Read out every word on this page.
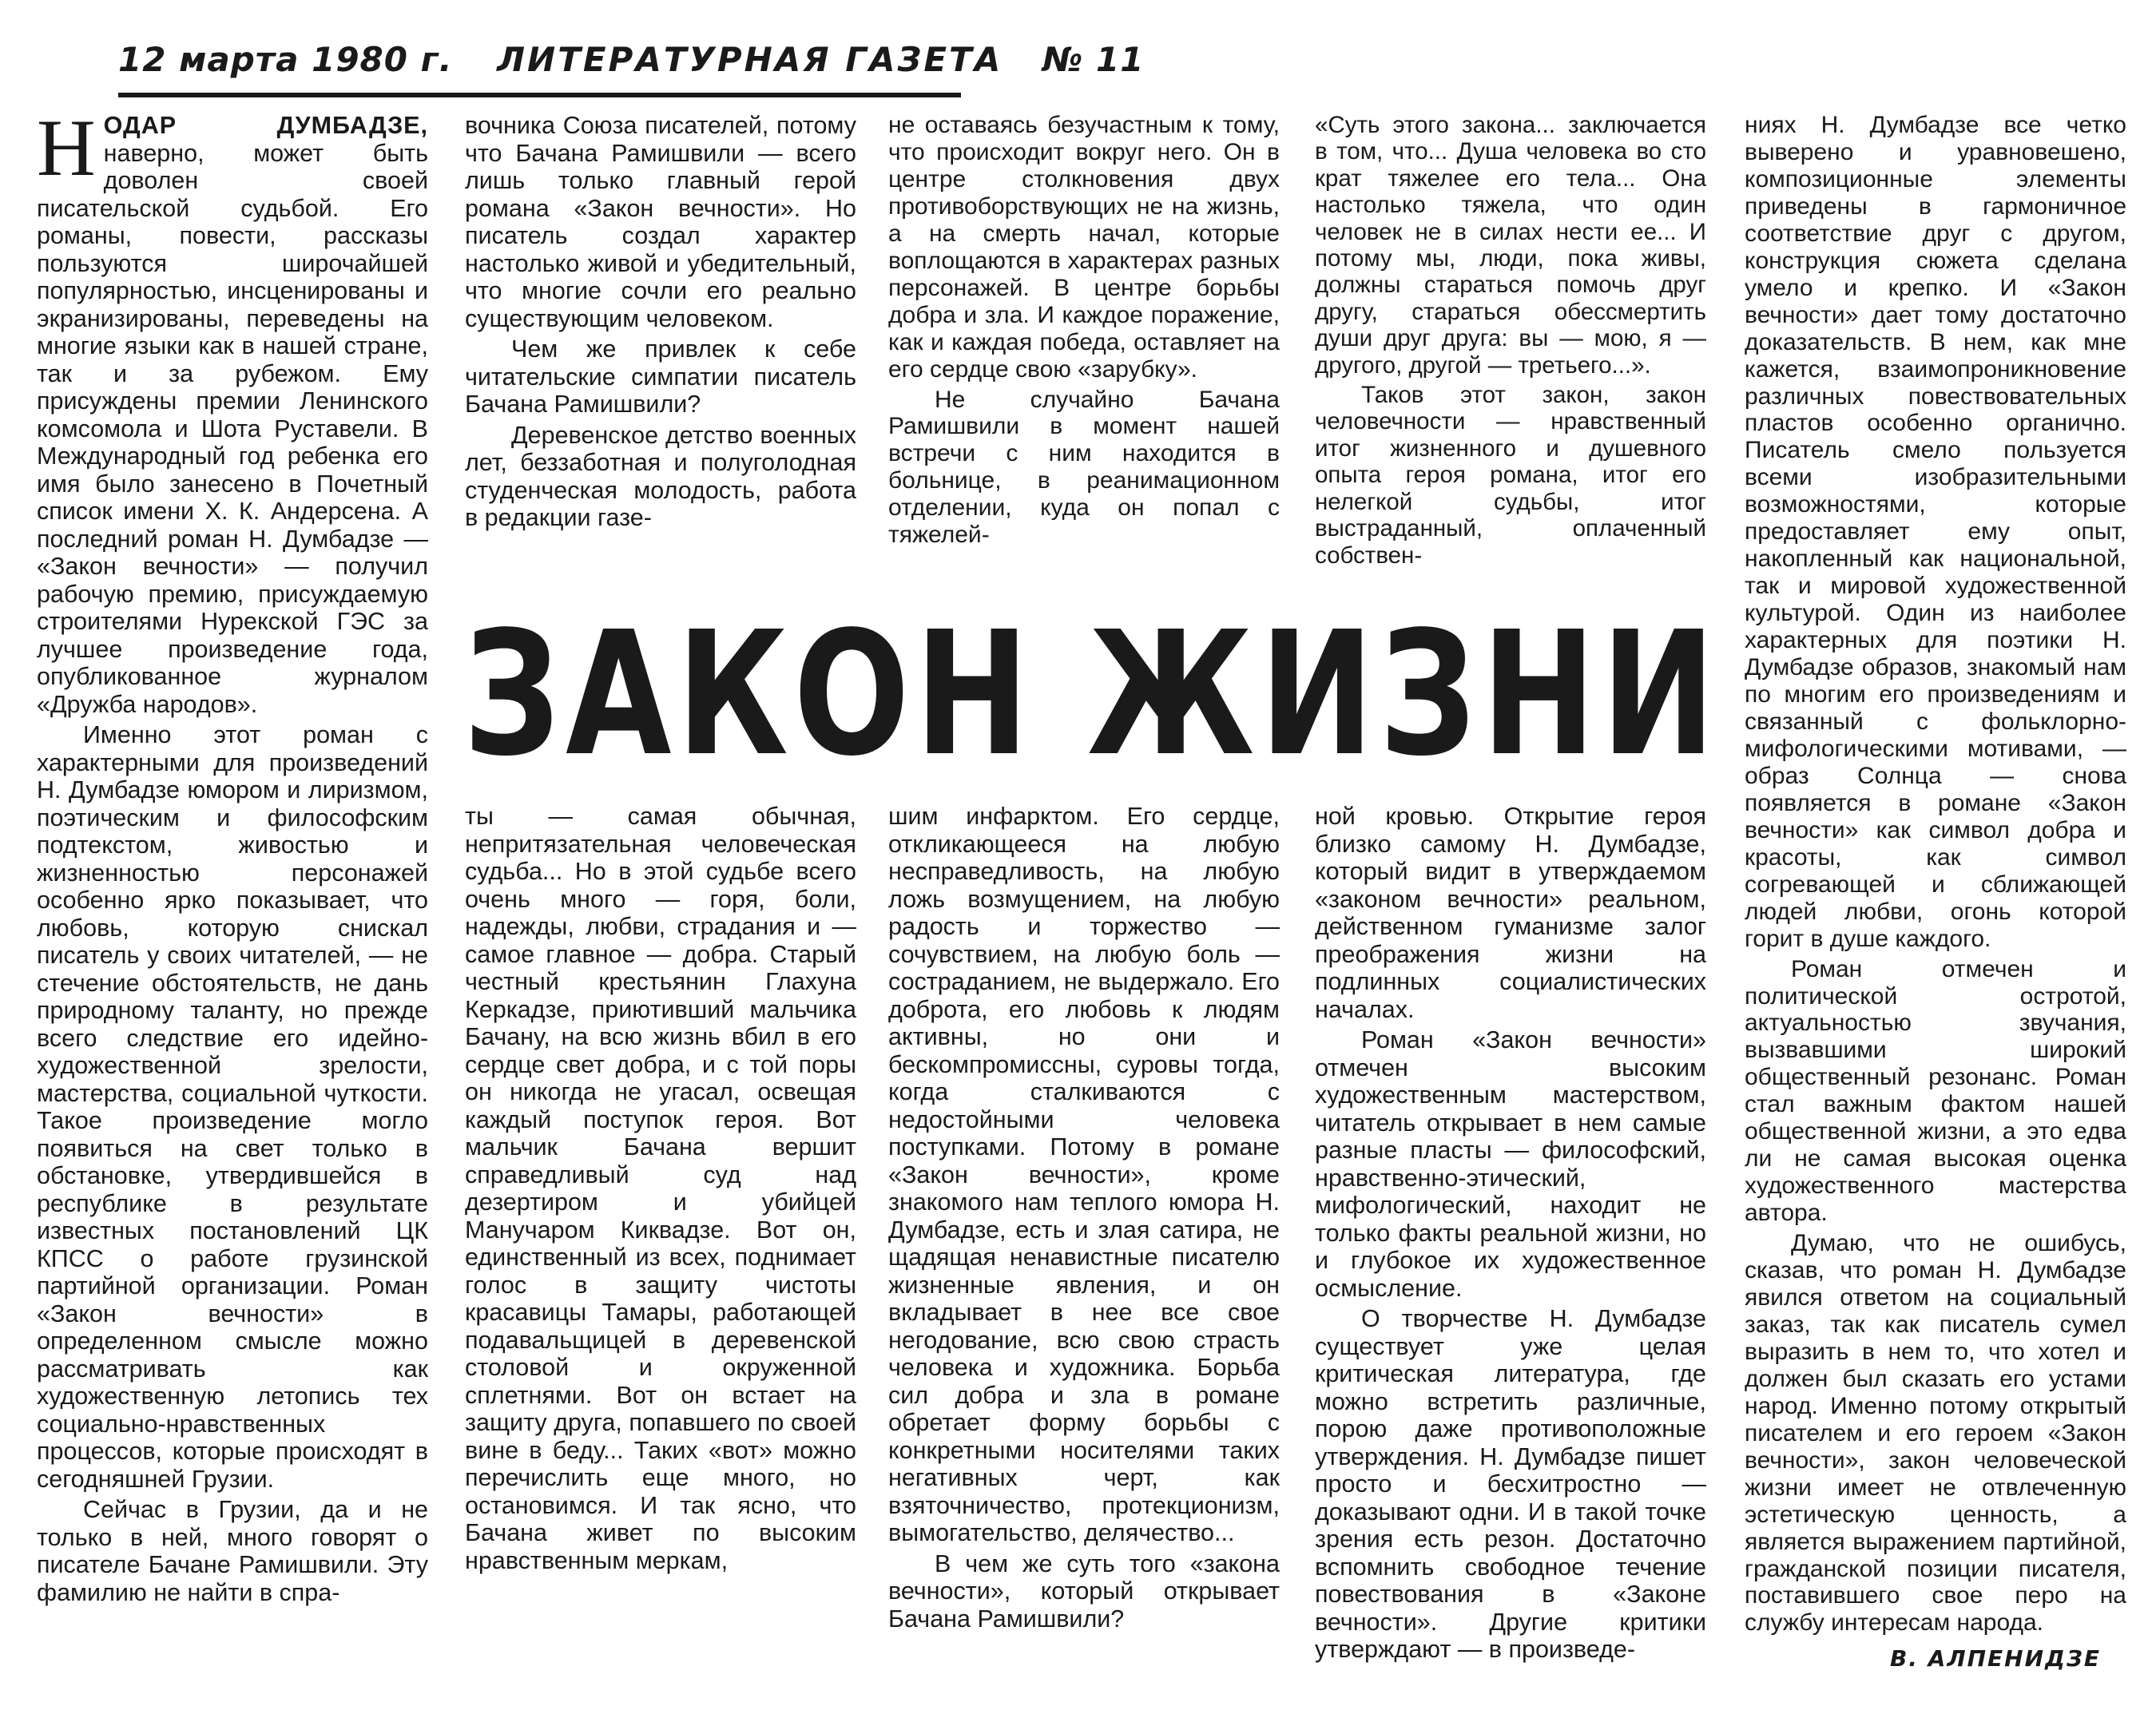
12 марта 1980 г. ЛИТЕРАТУРНАЯ ГАЗЕТА № 11

НОДАР ДУМБАДЗЕ, наверно, может быть доволен своей писательской судьбой. Его романы, повести, рассказы пользуются широчайшей популярностью, инсценированы и экранизированы, переведены на многие языки как в нашей стране, так и за рубежом. Ему присуждены премии Ленинского комсомола и Шота Руставели. В Международный год ребенка его имя было занесено в Почетный список имени Х. К. Андерсена. А последний роман Н. Думбадзе — «Закон вечности» — получил рабочую премию, присуждаемую строителями Нурекской ГЭС за лучшее произведение года, опубликованное журналом «Дружба народов».

Именно этот роман с характерными для произведений Н. Думбадзе юмором и лиризмом, поэтическим и философским подтекстом, живостью и жизненностью персонажей особенно ярко показывает, что любовь, которую снискал писатель у своих читателей, — не стечение обстоятельств, не дань природному таланту, но прежде всего следствие его идейно-художественной зрелости, мастерства, социальной чуткости. Такое произведение могло появиться на свет только в обстановке, утвердившейся в республике в результате известных постановлений ЦК КПСС о работе грузинской партийной организации. Роман «Закон вечности» в определенном смысле можно рассматривать как художественную летопись тех социально-нравственных процессов, которые происходят в сегодняшней Грузии.

Сейчас в Грузии, да и не только в ней, много говорят о писателе Бачане Рамишвили. Эту фамилию не найти в спра-

вочника Союза писателей, потому что Бачана Рамишвили — всего лишь только главный герой романа «Закон вечности». Но писатель создал характер настолько живой и убедительный, что многие сочли его реально существующим человеком.

Чем же привлек к себе читательские симпатии писатель Бачана Рамишвили?

Деревенское детство военных лет, беззаботная и полуголодная студенческая молодость, работа в редакции газе-

не оставаясь безучастным к тому, что происходит вокруг него. Он в центре столкновения двух противоборствующих не на жизнь, а на смерть начал, которые воплощаются в характерах разных персонажей. В центре борьбы добра и зла. И каждое поражение, как и каждая победа, оставляет на его сердце свою «зарубку».

Не случайно Бачана Рамишвили в момент нашей встречи с ним находится в больнице, в реанимационном отделении, куда он попал с тяжелей-

«Суть этого закона... заключается в том, что... Душа человека во сто крат тяжелее его тела... Она настолько тяжела, что один человек не в силах нести ее... И потому мы, люди, пока живы, должны стараться помочь друг другу, стараться обессмертить души друг друга: вы — мою, я — другого, другой — третьего...».

Таков этот закон, закон человечности — нравственный итог жизненного и душевного опыта героя романа, итог его нелегкой судьбы, итог выстраданный, оплаченный собствен-

ниях Н. Думбадзе все четко выверено и уравновешено, композиционные элементы приведены в гармоничное соответствие друг с другом, конструкция сюжета сделана умело и крепко. И «Закон вечности» дает тому достаточно доказательств. В нем, как мне кажется, взаимопроникновение различных повествовательных пластов особенно органично. Писатель смело пользуется всеми изобразительными возможностями, которые предоставляет ему опыт, накопленный как национальной, так и мировой художественной культурой. Один из наиболее характерных для поэтики Н. Думбадзе образов, знакомый нам по многим его произведениям и связанный с фольклорно-мифологическими мотивами, — образ Солнца — снова появляется в романе «Закон вечности» как символ добра и красоты, как символ согревающей и сближающей людей любви, огонь которой горит в душе каждого.

Роман отмечен и политической остротой, актуальностью звучания, вызвавшими широкий общественный резонанс. Роман стал важным фактом нашей общественной жизни, а это едва ли не самая высокая оценка художественного мастерства автора.

Думаю, что не ошибусь, сказав, что роман Н. Думбадзе явился ответом на социальный заказ, так как писатель сумел выразить в нем то, что хотел и должен был сказать его устами народ. Именно потому открытый писателем и его героем «Закон вечности», закон человеческой жизни имеет не отвлеченную эстетическую ценность, а является выражением партийной, гражданской позиции писателя, поставившего свое перо на службу интересам народа.

ЗАКОН ЖИЗНИ

ты — самая обычная, непритязательная человеческая судьба... Но в этой судьбе всего очень много — горя, боли, надежды, любви, страдания и — самое главное — добра. Старый честный крестьянин Глахуна Керкадзе, приютивший мальчика Бачану, на всю жизнь вбил в его сердце свет добра, и с той поры он никогда не угасал, освещая каждый поступок героя. Вот мальчик Бачана вершит справедливый суд над дезертиром и убийцей Манучаром Киквадзе. Вот он, единственный из всех, поднимает голос в защиту чистоты красавицы Тамары, работающей подавальщицей в деревенской столовой и окруженной сплетнями. Вот он встает на защиту друга, попавшего по своей вине в беду... Таких «вот» можно перечислить еще много, но остановимся. И так ясно, что Бачана живет по высоким нравственным меркам,

шим инфарктом. Его сердце, откликающееся на любую несправедливость, на любую ложь возмущением, на любую радость и торжество — сочувствием, на любую боль — состраданием, не выдержало. Его доброта, его любовь к людям активны, но они и бескомпромиссны, суровы тогда, когда сталкиваются с недостойными человека поступками. Потому в романе «Закон вечности», кроме знакомого нам теплого юмора Н. Думбадзе, есть и злая сатира, не щадящая ненавистные писателю жизненные явления, и он вкладывает в нее все свое негодование, всю свою страсть человека и художника. Борьба сил добра и зла в романе обретает форму борьбы с конкретными носителями таких негативных черт, как взяточничество, протекционизм, вымогательство, делячество...

В чем же суть того «закона вечности», который открывает Бачана Рамишвили?

ной кровью. Открытие героя близко самому Н. Думбадзе, который видит в утверждаемом «законом вечности» реальном, действенном гуманизме залог преображения жизни на подлинных социалистических началах.

Роман «Закон вечности» отмечен высоким художественным мастерством, читатель открывает в нем самые разные пласты — философский, нравственно-этический, мифологический, находит не только факты реальной жизни, но и глубокое их художественное осмысление.

О творчестве Н. Думбадзе существует уже целая критическая литература, где можно встретить различные, порою даже противоположные утверждения. Н. Думбадзе пишет просто и бесхитростно — доказывают одни. И в такой точке зрения есть резон. Достаточно вспомнить свободное течение повествования в «Законе вечности». Другие критики утверждают — в произведе-	В. АЛПЕНИДЗЕ
